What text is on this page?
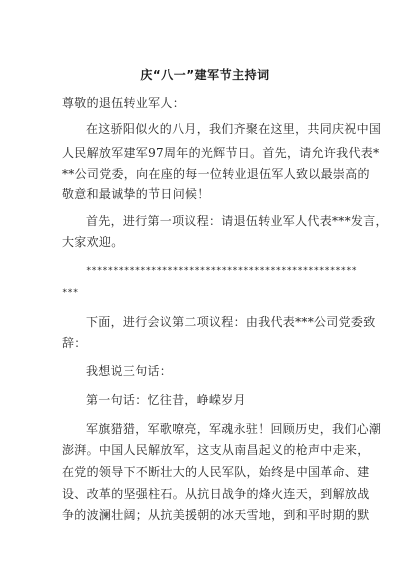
庆“八一”建军节主持词
尊敬的退伍转业军人：
在这骄阳似火的八月，我们齐聚在这里，共同庆祝中国
人民解放军建军97周年的光辉节日。首先，请允许我代表*
**公司党委，向在座的每一位转业退伍军人致以最崇高的
敬意和最诚挚的节日问候！
首先，进行第一项议程：请退伍转业军人代表***发言，
大家欢迎。
**************************************************
***
下面，进行会议第二项议程：由我代表***公司党委致
辞：
我想说三句话：
第一句话：忆往昔，峥嵘岁月
军旗猎猎，军歌嘹亮，军魂永驻！回顾历史，我们心潮
澎湃。中国人民解放军，这支从南昌起义的枪声中走来，
在党的领导下不断壮大的人民军队，始终是中国革命、建
设、改革的坚强柱石。从抗日战争的烽火连天，到解放战
争的波澜壮阔；从抗美援朝的冰天雪地，到和平时期的默
